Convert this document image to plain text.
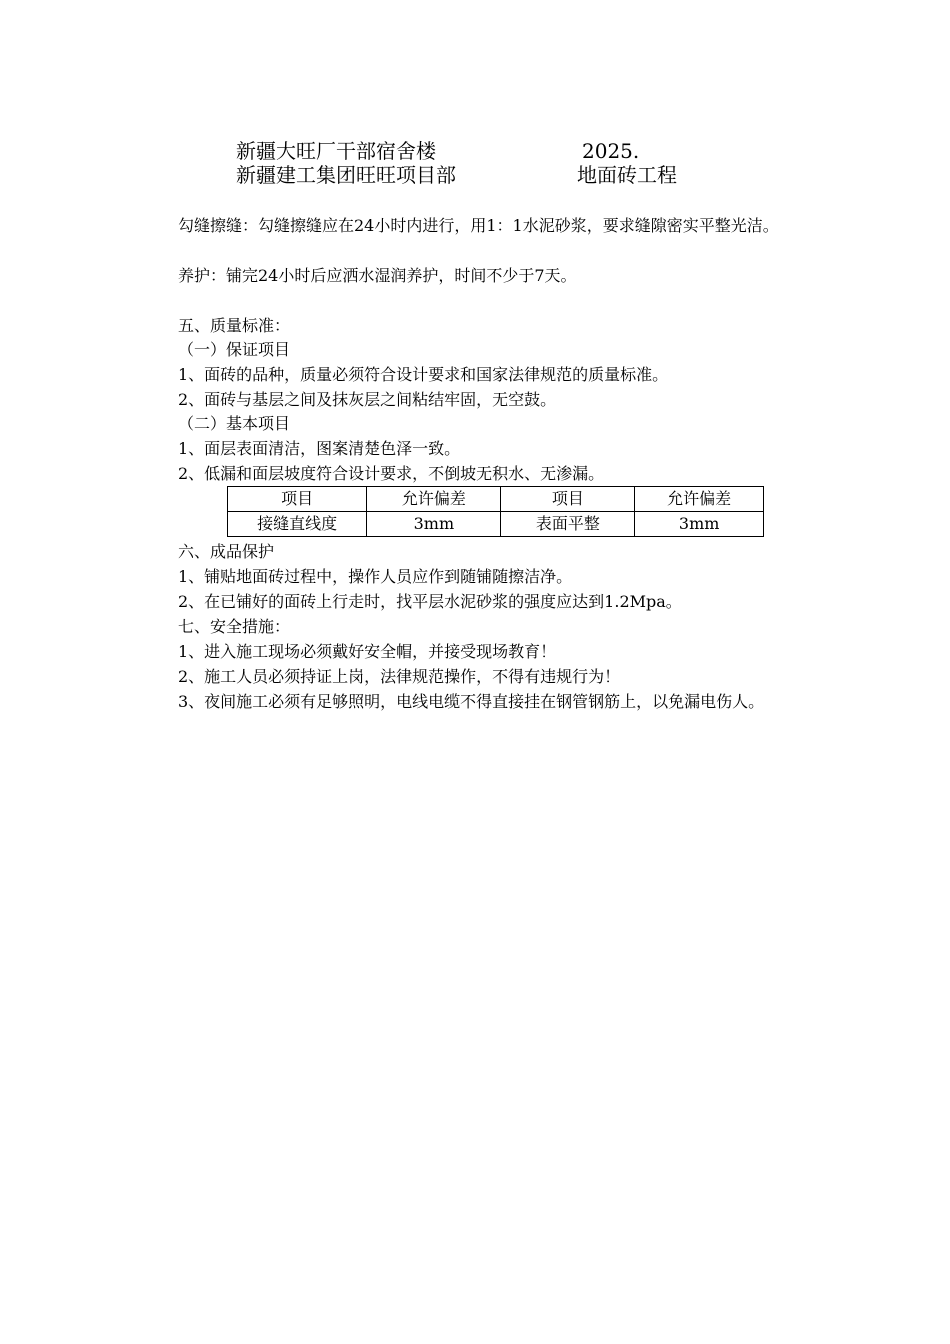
新疆大旺厂干部宿舍楼	2025.
新疆建工集团旺旺项目部	地面砖工程
勾缝擦缝：勾缝擦缝应在24小时内进行，用1：1水泥砂浆，要求缝隙密实平整光洁。
养护：铺完24小时后应洒水湿润养护，时间不少于7天。
五、质量标准：
（一）保证项目
1、面砖的品种，质量必须符合设计要求和国家法律规范的质量标准。
2、面砖与基层之间及抹灰层之间粘结牢固，无空鼓。
（二）基本项目
1、面层表面清洁，图案清楚色泽一致。
2、低漏和面层坡度符合设计要求，不倒坡无积水、无渗漏。
项目	允许偏差	项目	允许偏差
接缝直线度	3mm	表面平整	3mm
六、成品保护
1、铺贴地面砖过程中，操作人员应作到随铺随擦洁净。
2、在已铺好的面砖上行走时，找平层水泥砂浆的强度应达到1.2Mpa。
七、安全措施：
1、进入施工现场必须戴好安全帽，并接受现场教育！
2、施工人员必须持证上岗，法律规范操作，不得有违规行为！
3、夜间施工必须有足够照明，电线电缆不得直接挂在钢管钢筋上，以免漏电伤人。
